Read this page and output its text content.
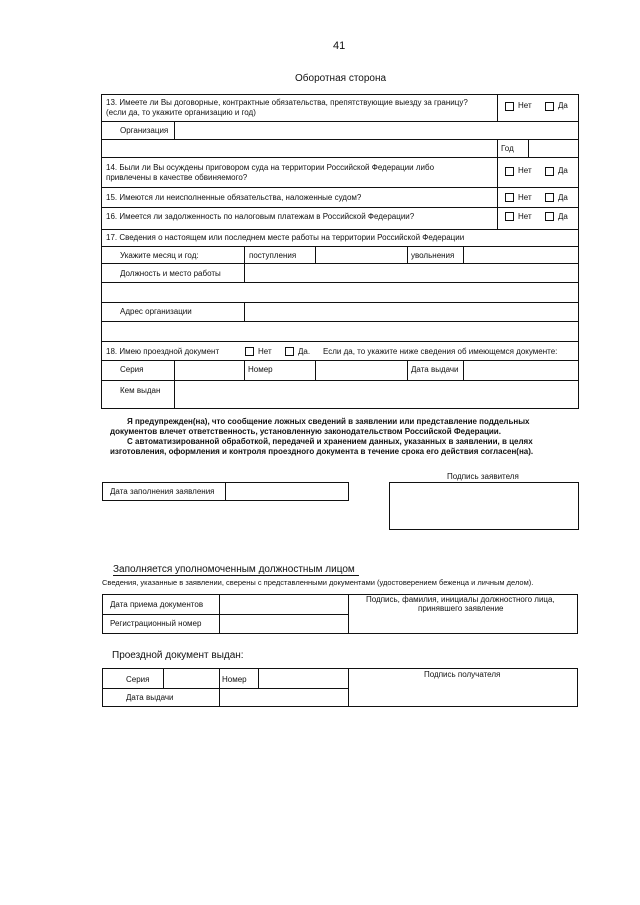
41
Оборотная сторона
13. Имеете ли Вы договорные, контрактные обязательства, препятствующие выезду за границу?
(если да, то укажите организацию и год)
Нет	Да
Организация
Год
14. Были ли Вы осуждены приговором суда на территории Российской Федерации либо
привлечены в качестве обвиняемого?
Нет	Да
15. Имеются ли неисполненные обязательства, наложенные судом?	Нет	Да
16. Имеется ли задолженность по налоговым платежам в Российской Федерации?	Нет	Да
17. Сведения о настоящем или последнем месте работы на территории Российской Федерации
Укажите месяц и год:	поступления	увольнения
Должность и место работы
Адрес организации
18. Имею проездной документ	Нет	Да. Если да, то укажите ниже сведения об имеющемся документе:
Серия	Номер	Дата выдачи
Кем выдан
Я предупрежден(на), что сообщение ложных сведений в заявлении или представление поддельных
документов влечет ответственность, установленную законодательством Российской Федерации.
С автоматизированной обработкой, передачей и хранением данных, указанных в заявлении, в целях
изготовления, оформления и контроля проездного документа в течение срока его действия согласен(на).
Подпись заявителя
Дата заполнения заявления
Заполняется уполномоченным должностным лицом
Сведения, указанные в заявлении, сверены с представленными документами (удостоверением беженца и личным делом).
Дата приема документов
Регистрационный номер
Подпись, фамилия, инициалы должностного лица,
принявшего заявление
Проездной документ выдан:
Серия	Номер
Дата выдачи
Подпись получателя
